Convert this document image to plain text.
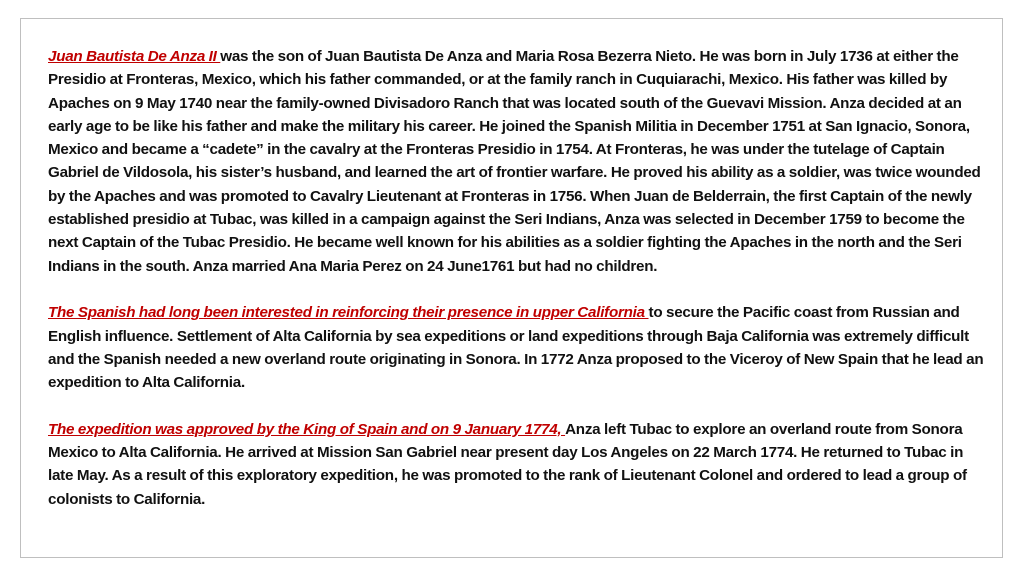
Juan Bautista De Anza II was the son of Juan Bautista De Anza and Maria Rosa Bezerra Nieto. He was born in July 1736 at either the Presidio at Fronteras, Mexico, which his father commanded, or at the family ranch in Cuquiarachi, Mexico. His father was killed by Apaches on 9 May 1740 near the family-owned Divisadoro Ranch that was located south of the Guevavi Mission. Anza decided at an early age to be like his father and make the military his career. He joined the Spanish Militia in December 1751 at San Ignacio, Sonora, Mexico and became a “cadete” in the cavalry at the Fronteras Presidio in 1754. At Fronteras, he was under the tutelage of Captain Gabriel de Vildosola, his sister’s husband, and learned the art of frontier warfare. He proved his ability as a soldier, was twice wounded by the Apaches and was promoted to Cavalry Lieutenant at Fronteras in 1756. When Juan de Belderrain, the first Captain of the newly established presidio at Tubac, was killed in a campaign against the Seri Indians, Anza was selected in December 1759 to become the next Captain of the Tubac Presidio. He became well known for his abilities as a soldier fighting the Apaches in the north and the Seri Indians in the south. Anza married Ana Maria Perez on 24 June1761 but had no children.

The Spanish had long been interested in reinforcing their presence in upper California to secure the Pacific coast from Russian and English influence. Settlement of Alta California by sea expeditions or land expeditions through Baja California was extremely difficult and the Spanish needed a new overland route originating in Sonora. In 1772 Anza proposed to the Viceroy of New Spain that he lead an expedition to Alta California.

The expedition was approved by the King of Spain and on 9 January 1774, Anza left Tubac to explore an overland route from Sonora Mexico to Alta California. He arrived at Mission San Gabriel near present day Los Angeles on 22 March 1774. He returned to Tubac in late May. As a result of this exploratory expedition, he was promoted to the rank of Lieutenant Colonel and ordered to lead a group of colonists to California.
